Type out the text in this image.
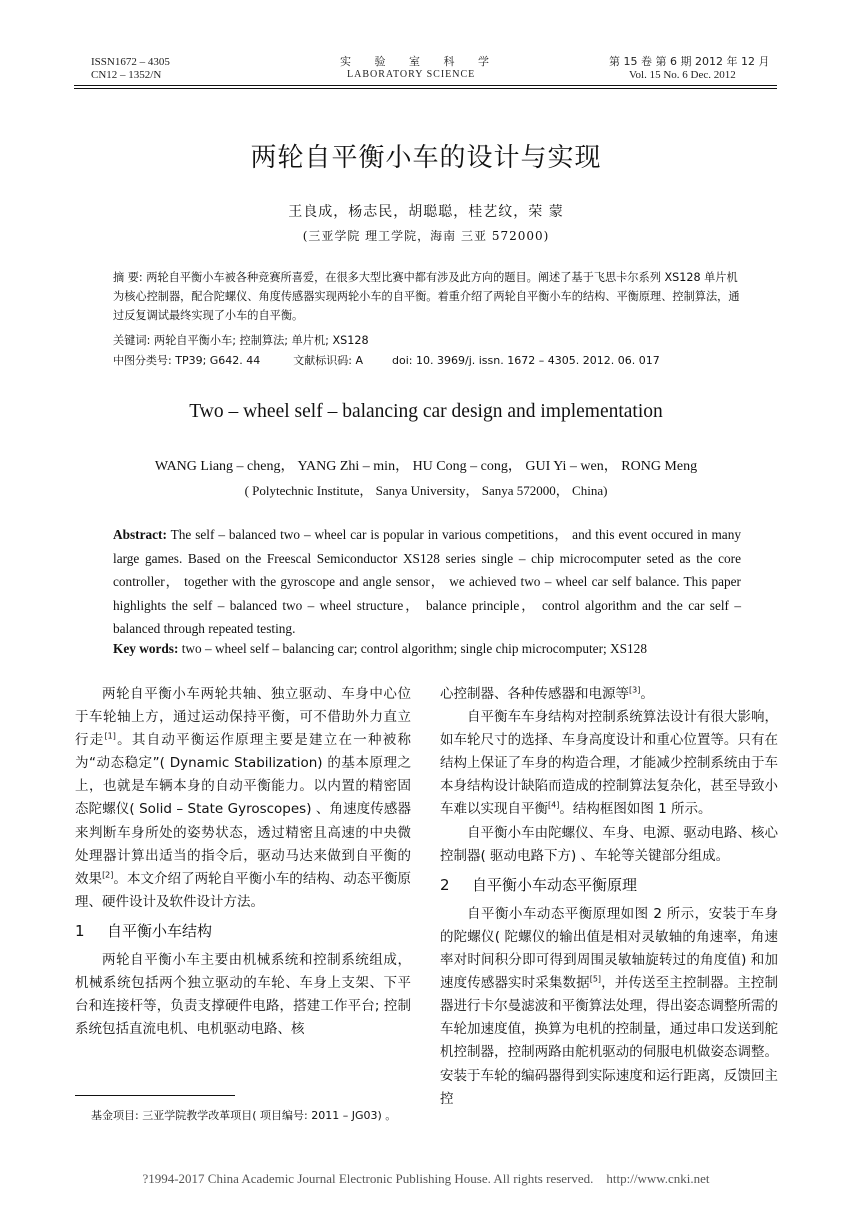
ISSN1672 – 4305
CN12 – 1352/N
实 验 室 科 学
LABORATORY SCIENCE
第 15 卷 第 6 期 2012 年 12 月
Vol. 15 No. 6 Dec. 2012
两轮自平衡小车的设计与实现
王良成，杨志民，胡聪聪，桂艺纹，荣 蒙
(三亚学院 理工学院，海南 三亚 572000)
摘 要: 两轮自平衡小车被各种竞赛所喜爱，在很多大型比赛中都有涉及此方向的题目。阐述了基于飞思卡尔系列 XS128 单片机为核心控制器，配合陀螺仪、角度传感器实现两轮小车的自平衡。着重介绍了两轮自平衡小车的结构、平衡原理、控制算法，通过反复调试最终实现了小车的自平衡。
关键词: 两轮自平衡小车; 控制算法; 单片机; XS128
中图分类号: TP39; G642. 44	文献标识码: A	doi: 10. 3969/j. issn. 1672 – 4305. 2012. 06. 017
Two – wheel self – balancing car design and implementation
WANG Liang – cheng， YANG Zhi – min， HU Cong – cong， GUI Yi – wen， RONG Meng
( Polytechnic Institute， Sanya University， Sanya 572000， China)
Abstract: The self – balanced two – wheel car is popular in various competitions， and this event occured in many large games. Based on the Freescal Semiconductor XS128 series single – chip microcomputer seted as the core controller， together with the gyroscope and angle sensor， we achieved two – wheel car self balance. This paper highlights the self – balanced two – wheel structure， balance principle， control algorithm and the car self – balanced through repeated testing.
Key words: two – wheel self – balancing car; control algorithm; single chip microcomputer; XS128

两轮自平衡小车两轮共轴、独立驱动、车身中心位于车轮轴上方，通过运动保持平衡，可不借助外力直立行走[1]。其自动平衡运作原理主要是建立在一种被称为“动态稳定”( Dynamic Stabilization) 的基本原理之上，也就是车辆本身的自动平衡能力。以内置的精密固态陀螺仪( Solid – State Gyroscopes) 、角速度传感器来判断车身所处的姿势状态，透过精密且高速的中央微处理器计算出适当的指令后，驱动马达来做到自平衡的效果[2]。本文介绍了两轮自平衡小车的结构、动态平衡原理、硬件设计及软件设计方法。

1 自平衡小车结构

两轮自平衡小车主要由机械系统和控制系统组成，机械系统包括两个独立驱动的车轮、车身上支架、下平台和连接杆等，负责支撑硬件电路，搭建工作平台; 控制系统包括直流电机、电机驱动电路、核

基金项目: 三亚学院教学改革项目( 项目编号: 2011 – JG03) 。

心控制器、各种传感器和电源等[3]。

自平衡车车身结构对控制系统算法设计有很大影响，如车轮尺寸的选择、车身高度设计和重心位置等。只有在结构上保证了车身的构造合理，才能减少控制系统由于车本身结构设计缺陷而造成的控制算法复杂化，甚至导致小车难以实现自平衡[4]。结构框图如图 1 所示。

自平衡小车由陀螺仪、车身、电源、驱动电路、核心控制器( 驱动电路下方) 、车轮等关键部分组成。

2 自平衡小车动态平衡原理

自平衡小车动态平衡原理如图 2 所示，安装于车身的陀螺仪( 陀螺仪的输出值是相对灵敏轴的角速率，角速率对时间积分即可得到周围灵敏轴旋转过的角度值) 和加速度传感器实时采集数据[5]，并传送至主控制器。主控制器进行卡尔曼滤波和平衡算法处理，得出姿态调整所需的车轮加速度值，换算为电机的控制量，通过串口发送到舵机控制器，控制两路由舵机驱动的伺服电机做姿态调整。安装于车轮的编码器得到实际速度和运行距离，反馈回主控

?1994-2017 China Academic Journal Electronic Publishing House. All rights reserved.    http://www.cnki.net
